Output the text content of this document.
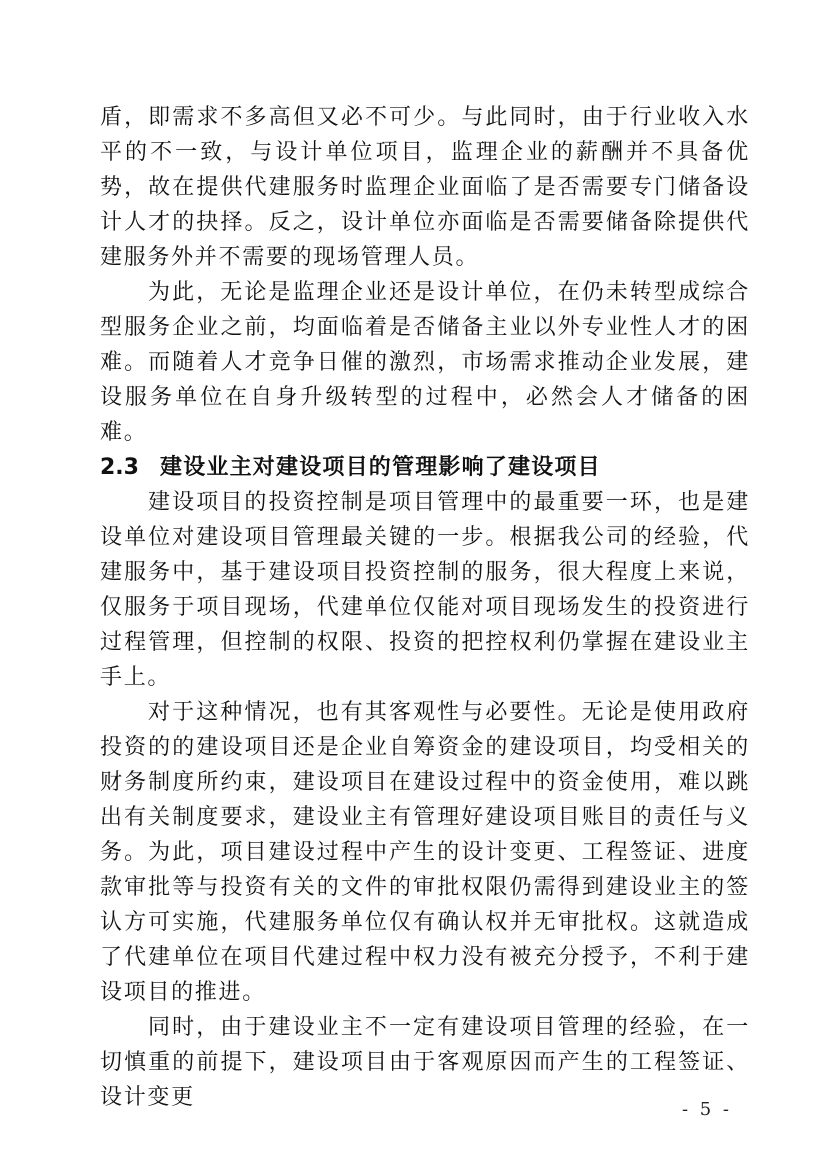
盾，即需求不多高但又必不可少。与此同时，由于行业收入水平的不一致，与设计单位项目，监理企业的薪酬并不具备优势，故在提供代建服务时监理企业面临了是否需要专门储备设计人才的抉择。反之，设计单位亦面临是否需要储备除提供代建服务外并不需要的现场管理人员。

为此，无论是监理企业还是设计单位，在仍未转型成综合型服务企业之前，均面临着是否储备主业以外专业性人才的困难。而随着人才竞争日催的激烈，市场需求推动企业发展，建设服务单位在自身升级转型的过程中，必然会人才储备的困难。

2.3 建设业主对建设项目的管理影响了建设项目

建设项目的投资控制是项目管理中的最重要一环，也是建设单位对建设项目管理最关键的一步。根据我公司的经验，代建服务中，基于建设项目投资控制的服务，很大程度上来说，仅服务于项目现场，代建单位仅能对项目现场发生的投资进行过程管理，但控制的权限、投资的把控权利仍掌握在建设业主手上。

对于这种情况，也有其客观性与必要性。无论是使用政府投资的的建设项目还是企业自筹资金的建设项目，均受相关的财务制度所约束，建设项目在建设过程中的资金使用，难以跳出有关制度要求，建设业主有管理好建设项目账目的责任与义务。为此，项目建设过程中产生的设计变更、工程签证、进度款审批等与投资有关的文件的审批权限仍需得到建设业主的签认方可实施，代建服务单位仅有确认权并无审批权。这就造成了代建单位在项目代建过程中权力没有被充分授予，不利于建设项目的推进。

同时，由于建设业主不一定有建设项目管理的经验，在一切慎重的前提下，建设项目由于客观原因而产生的工程签证、设计变更	- 5 -
